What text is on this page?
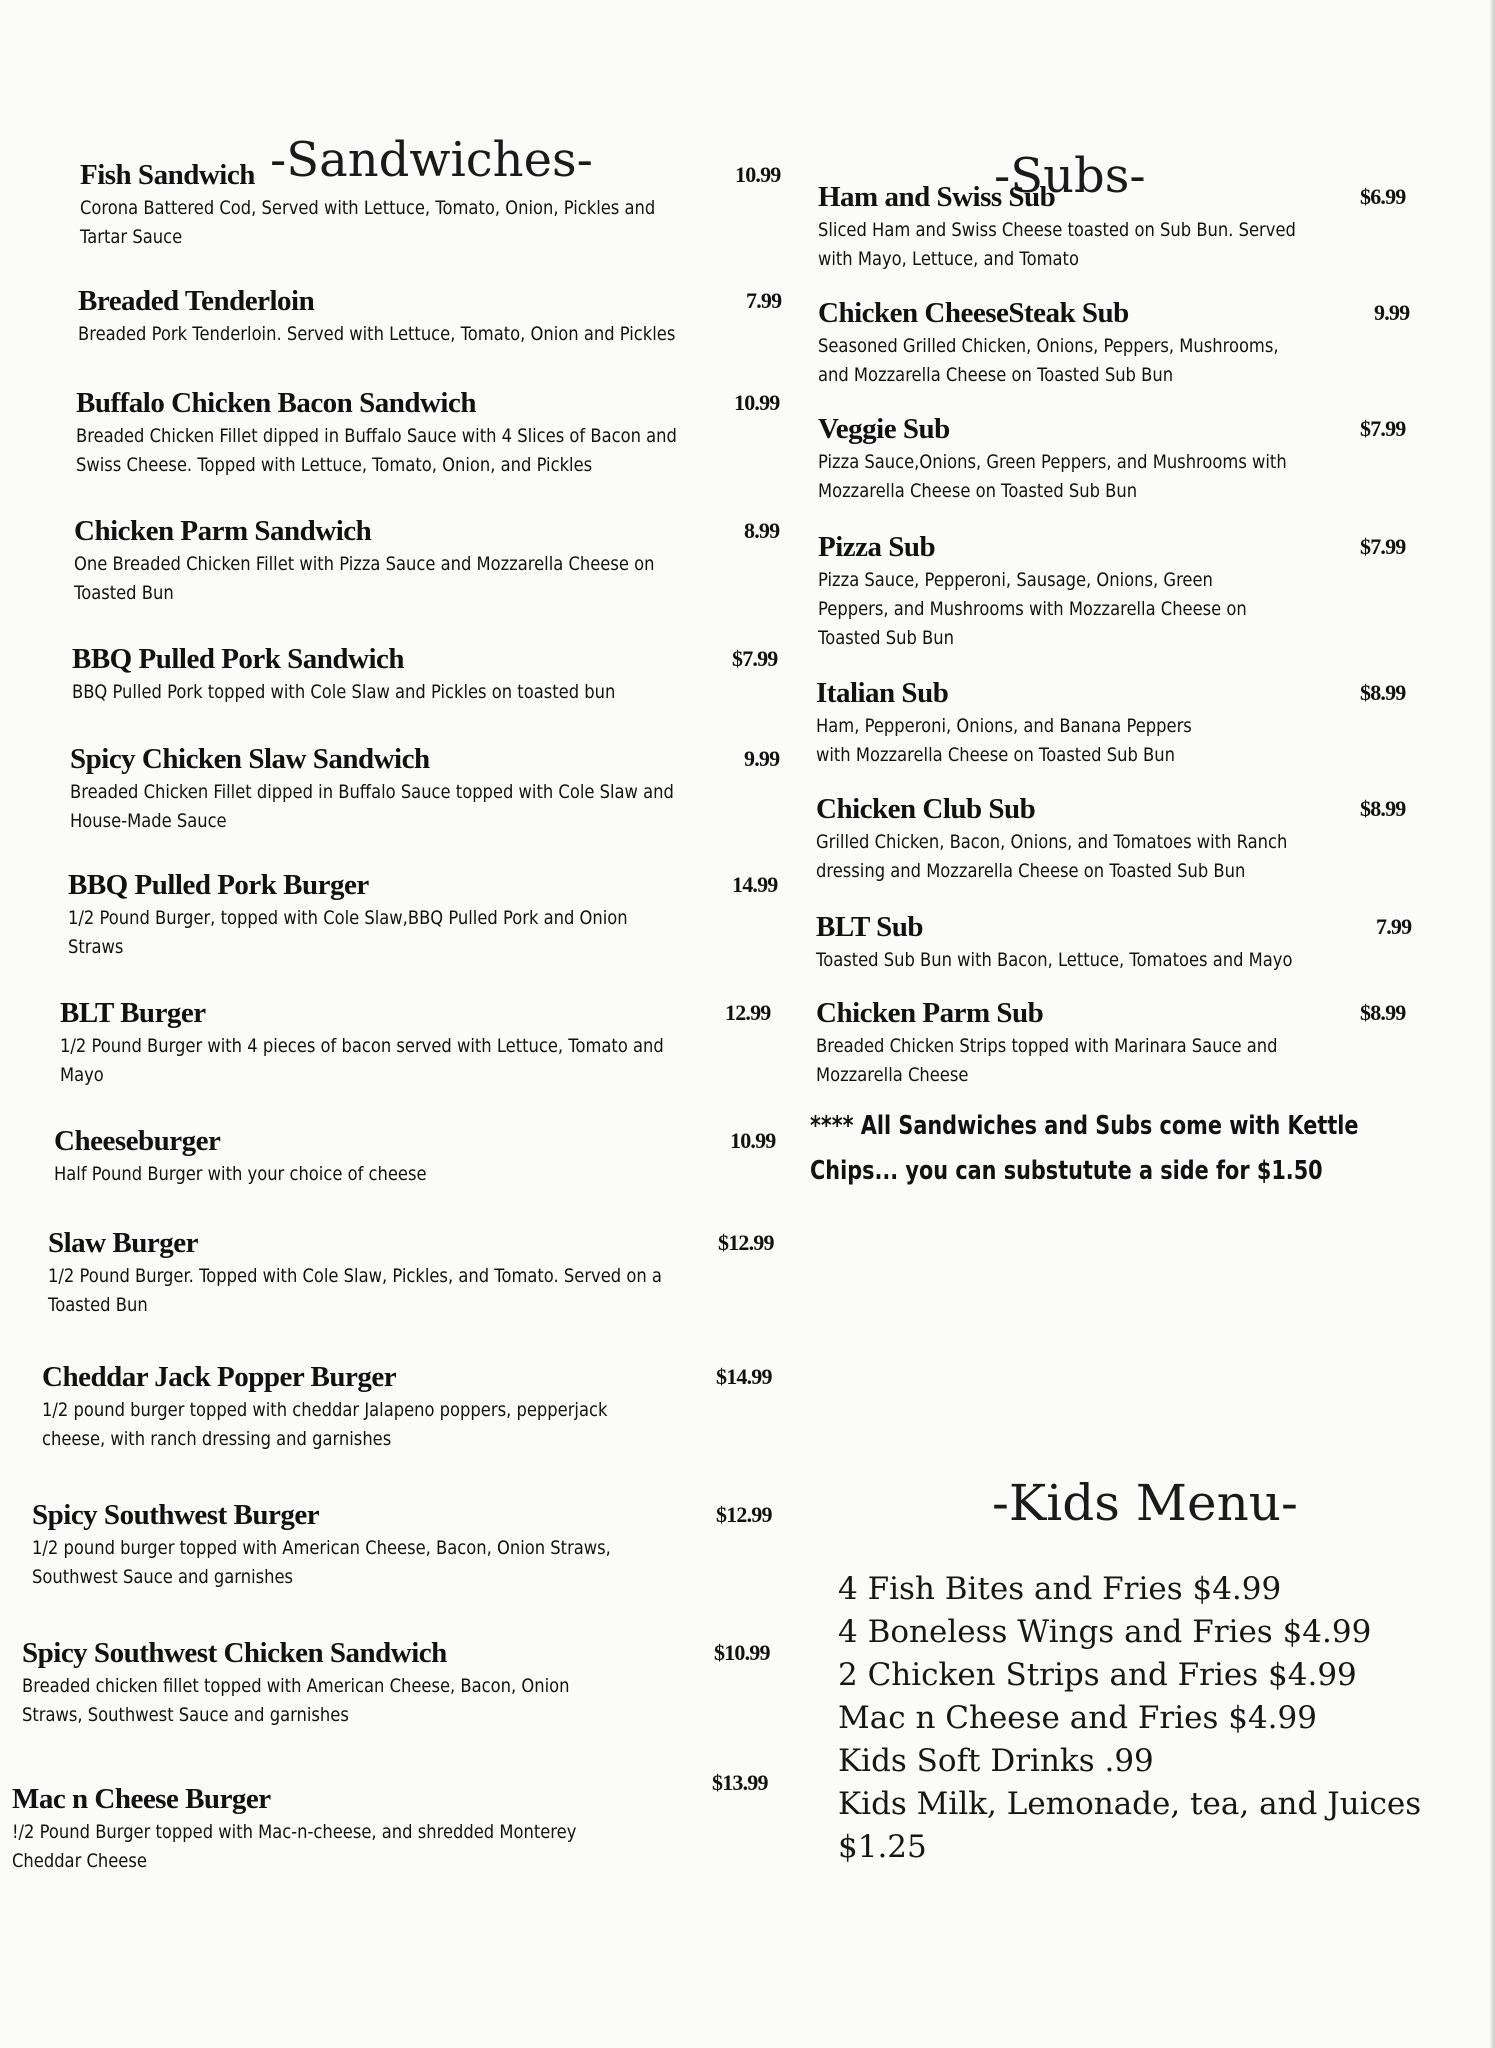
-Sandwiches-	-Subs-
-Kids Menu-
Fish Sandwich	10.99
Corona Battered Cod, Served with Lettuce, Tomato, Onion, Pickles and Tartar Sauce
Breaded Tenderloin	7.99
Breaded Pork Tenderloin. Served with Lettuce, Tomato, Onion and Pickles
Buffalo Chicken Bacon Sandwich	10.99
Breaded Chicken Fillet dipped in Buffalo Sauce with 4 Slices of Bacon and Swiss Cheese. Topped with Lettuce, Tomato, Onion, and Pickles
Chicken Parm Sandwich	8.99
One Breaded Chicken Fillet with Pizza Sauce and Mozzarella Cheese on Toasted Bun
BBQ Pulled Pork Sandwich	$7.99
BBQ Pulled Pork topped with Cole Slaw and Pickles on toasted bun
Spicy Chicken Slaw Sandwich	9.99
Breaded Chicken Fillet dipped in Buffalo Sauce topped with Cole Slaw and House-Made Sauce
BBQ Pulled Pork Burger	14.99
1/2 Pound Burger, topped with Cole Slaw,BBQ Pulled Pork and Onion Straws
BLT Burger	12.99
1/2 Pound Burger with 4 pieces of bacon served with Lettuce, Tomato and Mayo
Cheeseburger	10.99
Half Pound Burger with your choice of cheese
Slaw Burger	$12.99
1/2 Pound Burger. Topped with Cole Slaw, Pickles, and Tomato. Served on a Toasted Bun
Cheddar Jack Popper Burger	$14.99
1/2 pound burger topped with cheddar Jalapeno poppers, pepperjack cheese, with ranch dressing and garnishes
Spicy Southwest Burger	$12.99
1/2 pound burger topped with American Cheese, Bacon, Onion Straws, Southwest Sauce and garnishes
Spicy Southwest Chicken Sandwich	$10.99
Breaded chicken fillet topped with American Cheese, Bacon, Onion Straws, Southwest Sauce and garnishes
Mac n Cheese Burger
$13.99
!/2 Pound Burger topped with Mac-n-cheese, and shredded Monterey Cheddar Cheese
Ham and Swiss Sub	$6.99
Sliced Ham and Swiss Cheese toasted on Sub Bun. Served with Mayo, Lettuce, and Tomato
Chicken CheeseSteak Sub	9.99
Seasoned Grilled Chicken, Onions, Peppers, Mushrooms, and Mozzarella Cheese on Toasted Sub Bun
Veggie Sub	$7.99
Pizza Sauce,Onions, Green Peppers, and Mushrooms with Mozzarella Cheese on Toasted Sub Bun
Pizza Sub	$7.99
Pizza Sauce, Pepperoni, Sausage, Onions, Green Peppers, and Mushrooms with Mozzarella Cheese on Toasted Sub Bun
Italian Sub	$8.99
Ham, Pepperoni, Onions, and Banana Peppers with Mozzarella Cheese on Toasted Sub Bun
Chicken Club Sub	$8.99
Grilled Chicken, Bacon, Onions, and Tomatoes with Ranch dressing and Mozzarella Cheese on Toasted Sub Bun
BLT Sub	7.99
Toasted Sub Bun with Bacon, Lettuce, Tomatoes and Mayo
Chicken Parm Sub	$8.99
Breaded Chicken Strips topped with Marinara Sauce and Mozzarella Cheese
**** All Sandwiches and Subs come with Kettle Chips... you can substutute a side for $1.50
4 Fish Bites and Fries $4.99
4 Boneless Wings and Fries $4.99
2 Chicken Strips and Fries $4.99
Mac n Cheese and Fries $4.99
Kids Soft Drinks .99
Kids Milk, Lemonade, tea, and Juices $1.25
